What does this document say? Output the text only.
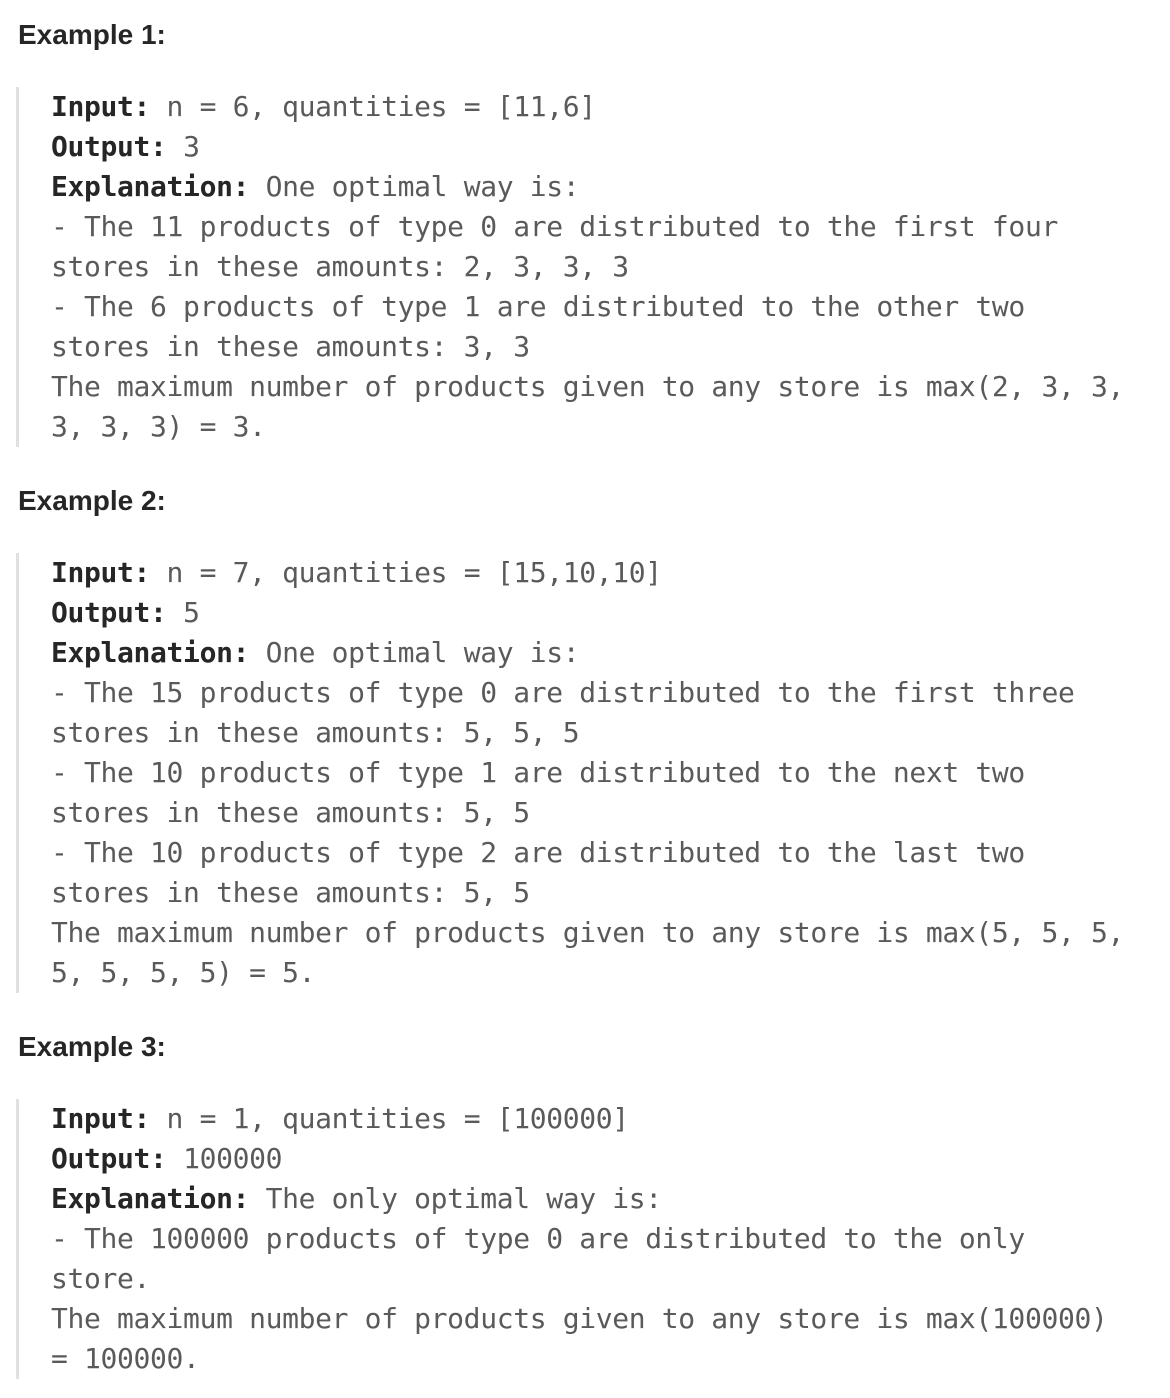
Example 1:
Input: n = 6, quantities = [11,6]
Output: 3
Explanation: One optimal way is:
- The 11 products of type 0 are distributed to the first four
stores in these amounts: 2, 3, 3, 3
- The 6 products of type 1 are distributed to the other two
stores in these amounts: 3, 3
The maximum number of products given to any store is max(2, 3, 3,
3, 3, 3) = 3.
Example 2:
Input: n = 7, quantities = [15,10,10]
Output: 5
Explanation: One optimal way is:
- The 15 products of type 0 are distributed to the first three
stores in these amounts: 5, 5, 5
- The 10 products of type 1 are distributed to the next two
stores in these amounts: 5, 5
- The 10 products of type 2 are distributed to the last two
stores in these amounts: 5, 5
The maximum number of products given to any store is max(5, 5, 5,
5, 5, 5, 5) = 5.
Example 3:
Input: n = 1, quantities = [100000]
Output: 100000
Explanation: The only optimal way is:
- The 100000 products of type 0 are distributed to the only
store.
The maximum number of products given to any store is max(100000)
= 100000.
